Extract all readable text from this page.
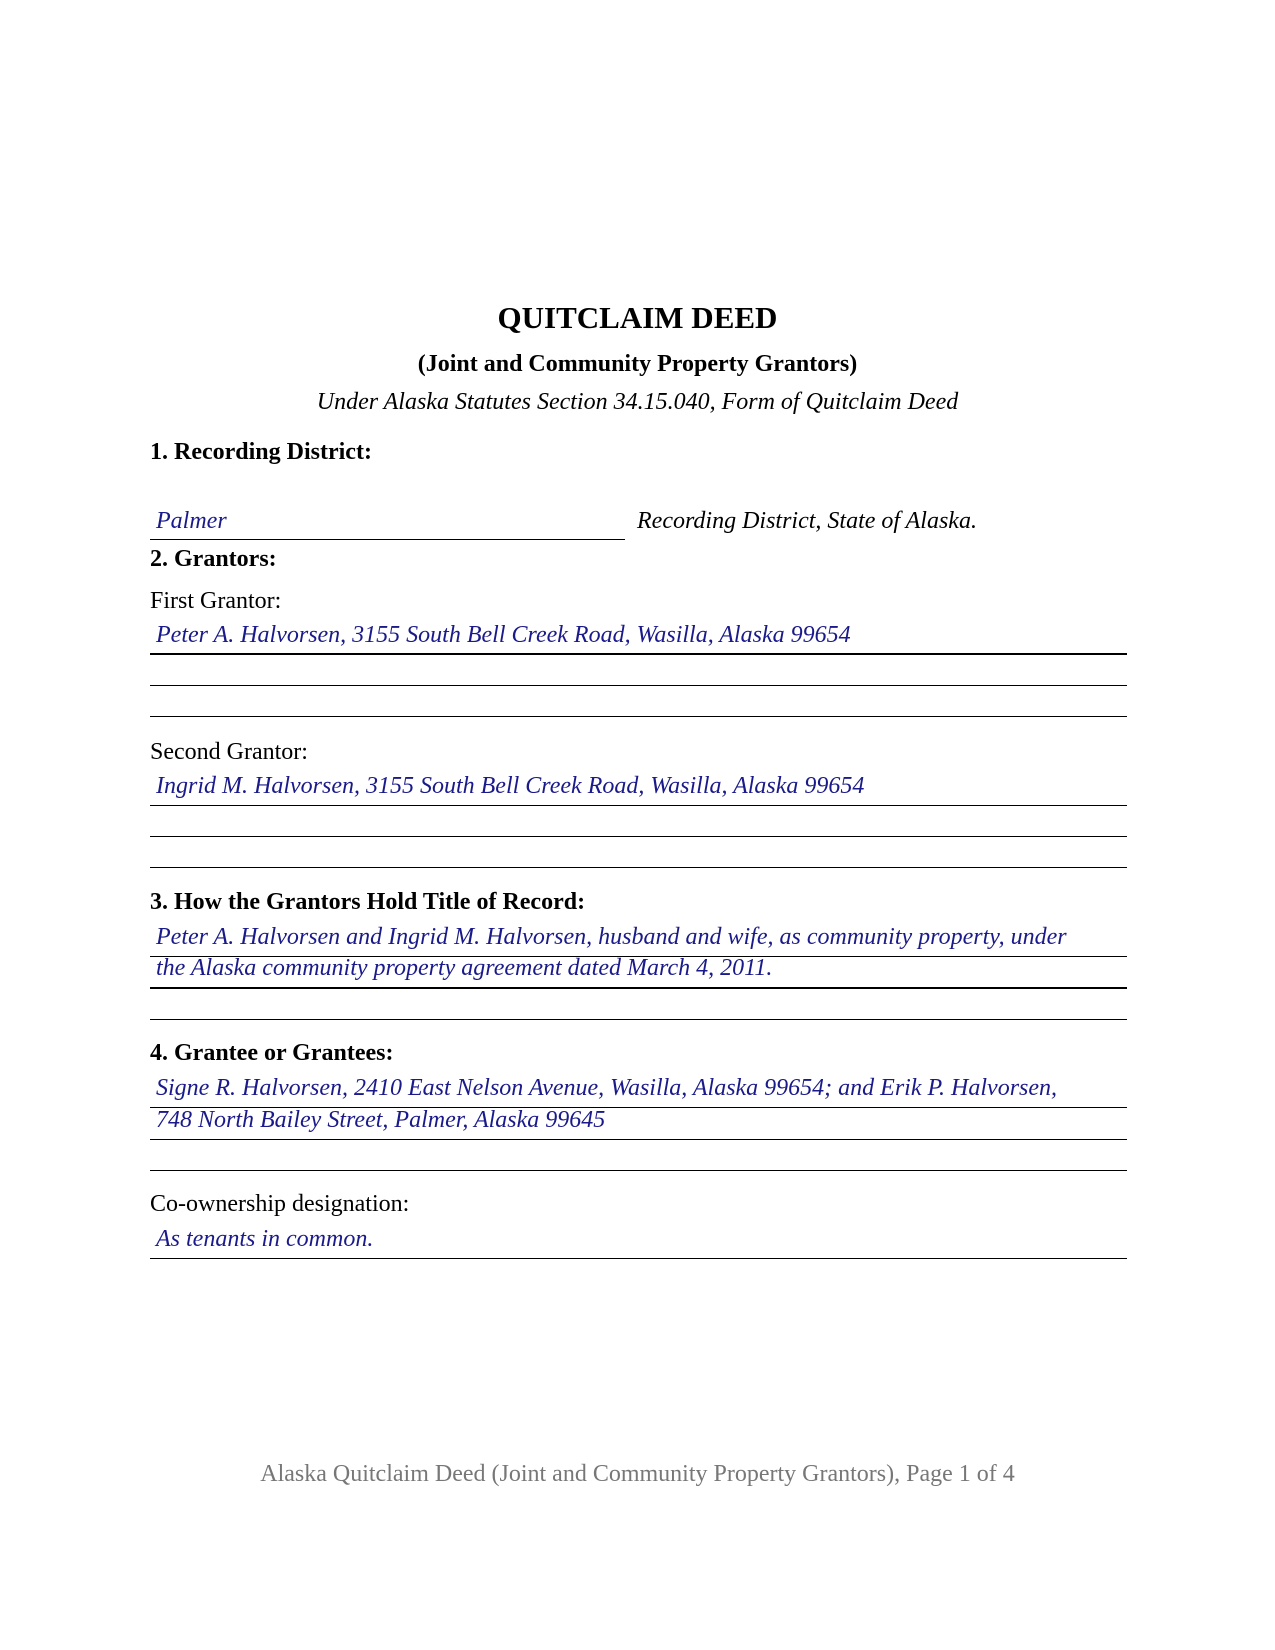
QUITCLAIM DEED
(Joint and Community Property Grantors)
Under Alaska Statutes Section 34.15.040, Form of Quitclaim Deed
1. Recording District:
Palmer	Recording District, State of Alaska.
2. Grantors:
First Grantor:
Peter A. Halvorsen, 3155 South Bell Creek Road, Wasilla, Alaska 99654
Second Grantor:
Ingrid M. Halvorsen, 3155 South Bell Creek Road, Wasilla, Alaska 99654
3. How the Grantors Hold Title of Record:
Peter A. Halvorsen and Ingrid M. Halvorsen, husband and wife, as community property, under
the Alaska community property agreement dated March 4, 2011.
4. Grantee or Grantees:
Signe R. Halvorsen, 2410 East Nelson Avenue, Wasilla, Alaska 99654; and Erik P. Halvorsen,
748 North Bailey Street, Palmer, Alaska 99645
Co-ownership designation:
As tenants in common.
Alaska Quitclaim Deed (Joint and Community Property Grantors), Page 1 of 4
